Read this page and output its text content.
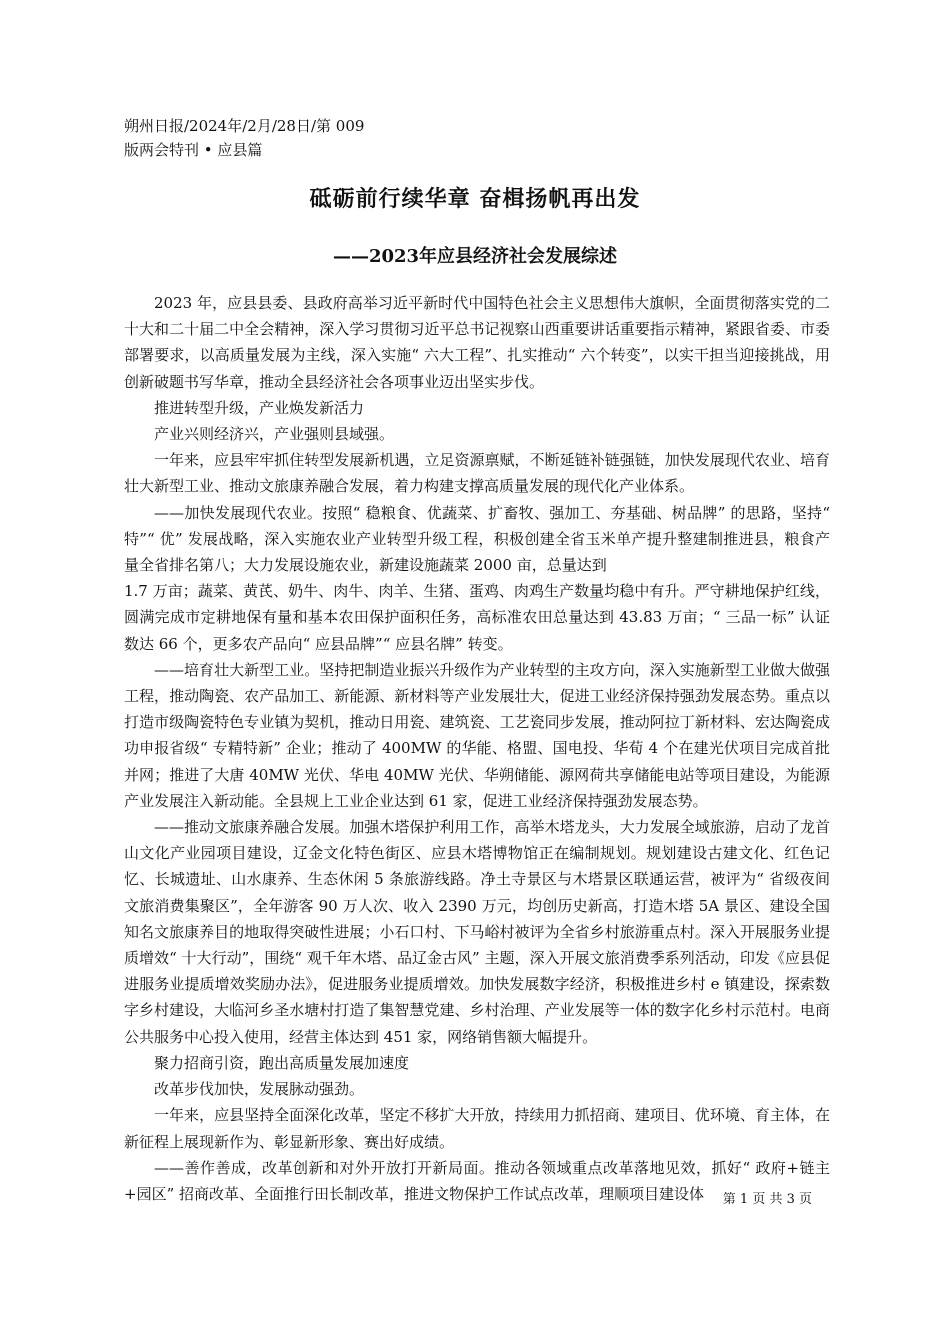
朔州日报/2024年/2月/28日/第 009
版两会特刊 • 应县篇
砥砺前行续华章 奋楫扬帆再出发
——2023年应县经济社会发展综述

2023 年，应县县委、县政府高举习近平新时代中国特色社会主义思想伟大旗帜，全面贯彻落实党的二十大和二十届二中全会精神，深入学习贯彻习近平总书记视察山西重要讲话重要指示精神，紧跟省委、市委部署要求，以高质量发展为主线，深入实施“ 六大工程”、扎实推动“ 六个转变”，以实干担当迎接挑战，用创新破题书写华章，推动全县经济社会各项事业迈出坚实步伐。

推进转型升级，产业焕发新活力

产业兴则经济兴，产业强则县域强。

一年来，应县牢牢抓住转型发展新机遇，立足资源禀赋，不断延链补链强链，加快发展现代农业、培育壮大新型工业、推动文旅康养融合发展，着力构建支撑高质量发展的现代化产业体系。

——加快发展现代农业。按照“ 稳粮食、优蔬菜、扩畜牧、强加工、夯基础、树品牌” 的思路，坚持“ 特”“ 优” 发展战略，深入实施农业产业转型升级工程，积极创建全省玉米单产提升整建制推进县，粮食产量全省排名第八；大力发展设施农业，新建设施蔬菜 2000 亩，总量达到

1.7 万亩；蔬菜、黄芪、奶牛、肉牛、肉羊、生猪、蛋鸡、肉鸡生产数量均稳中有升。严守耕地保护红线，圆满完成市定耕地保有量和基本农田保护面积任务，高标准农田总量达到 43.83 万亩；“ 三品一标” 认证数达 66 个，更多农产品向“ 应县品牌”“ 应县名牌” 转变。

——培育壮大新型工业。坚持把制造业振兴升级作为产业转型的主攻方向，深入实施新型工业做大做强工程，推动陶瓷、农产品加工、新能源、新材料等产业发展壮大，促进工业经济保持强劲发展态势。重点以打造市级陶瓷特色专业镇为契机，推动日用瓷、建筑瓷、工艺瓷同步发展，推动阿拉丁新材料、宏达陶瓷成功申报省级“ 专精特新” 企业；推动了 400MW 的华能、格盟、国电投、华荀 4 个在建光伏项目完成首批并网；推进了大唐 40MW 光伏、华电 40MW 光伏、华朔储能、源网荷共享储能电站等项目建设，为能源产业发展注入新动能。全县规上工业企业达到 61 家，促进工业经济保持强劲发展态势。

——推动文旅康养融合发展。加强木塔保护利用工作，高举木塔龙头，大力发展全域旅游，启动了龙首山文化产业园项目建设，辽金文化特色街区、应县木塔博物馆正在编制规划。规划建设古建文化、红色记忆、长城遗址、山水康养、生态休闲 5 条旅游线路。净土寺景区与木塔景区联通运营，被评为“ 省级夜间文旅消费集聚区”，全年游客 90 万人次、收入 2390 万元，均创历史新高，打造木塔 5A 景区、建设全国知名文旅康养目的地取得突破性进展；小石口村、下马峪村被评为全省乡村旅游重点村。深入开展服务业提质增效“ 十大行动”，围绕“ 观千年木塔、品辽金古风” 主题，深入开展文旅消费季系列活动，印发《应县促进服务业提质增效奖励办法》，促进服务业提质增效。加快发展数字经济，积极推进乡村 e 镇建设，探索数字乡村建设，大临河乡圣水塘村打造了集智慧党建、乡村治理、产业发展等一体的数字化乡村示范村。电商公共服务中心投入使用，经营主体达到 451 家，网络销售额大幅提升。

聚力招商引资，跑出高质量发展加速度

改革步伐加快，发展脉动强劲。

一年来，应县坚持全面深化改革，坚定不移扩大开放，持续用力抓招商、建项目、优环境、育主体，在新征程上展现新作为、彰显新形象、赛出好成绩。

——善作善成，改革创新和对外开放打开新局面。推动各领域重点改革落地见效，抓好“ 政府+链主+园区” 招商改革、全面推行田长制改革，推进文物保护工作试点改革，理顺项目建设体	第 1 页 共 3 页
